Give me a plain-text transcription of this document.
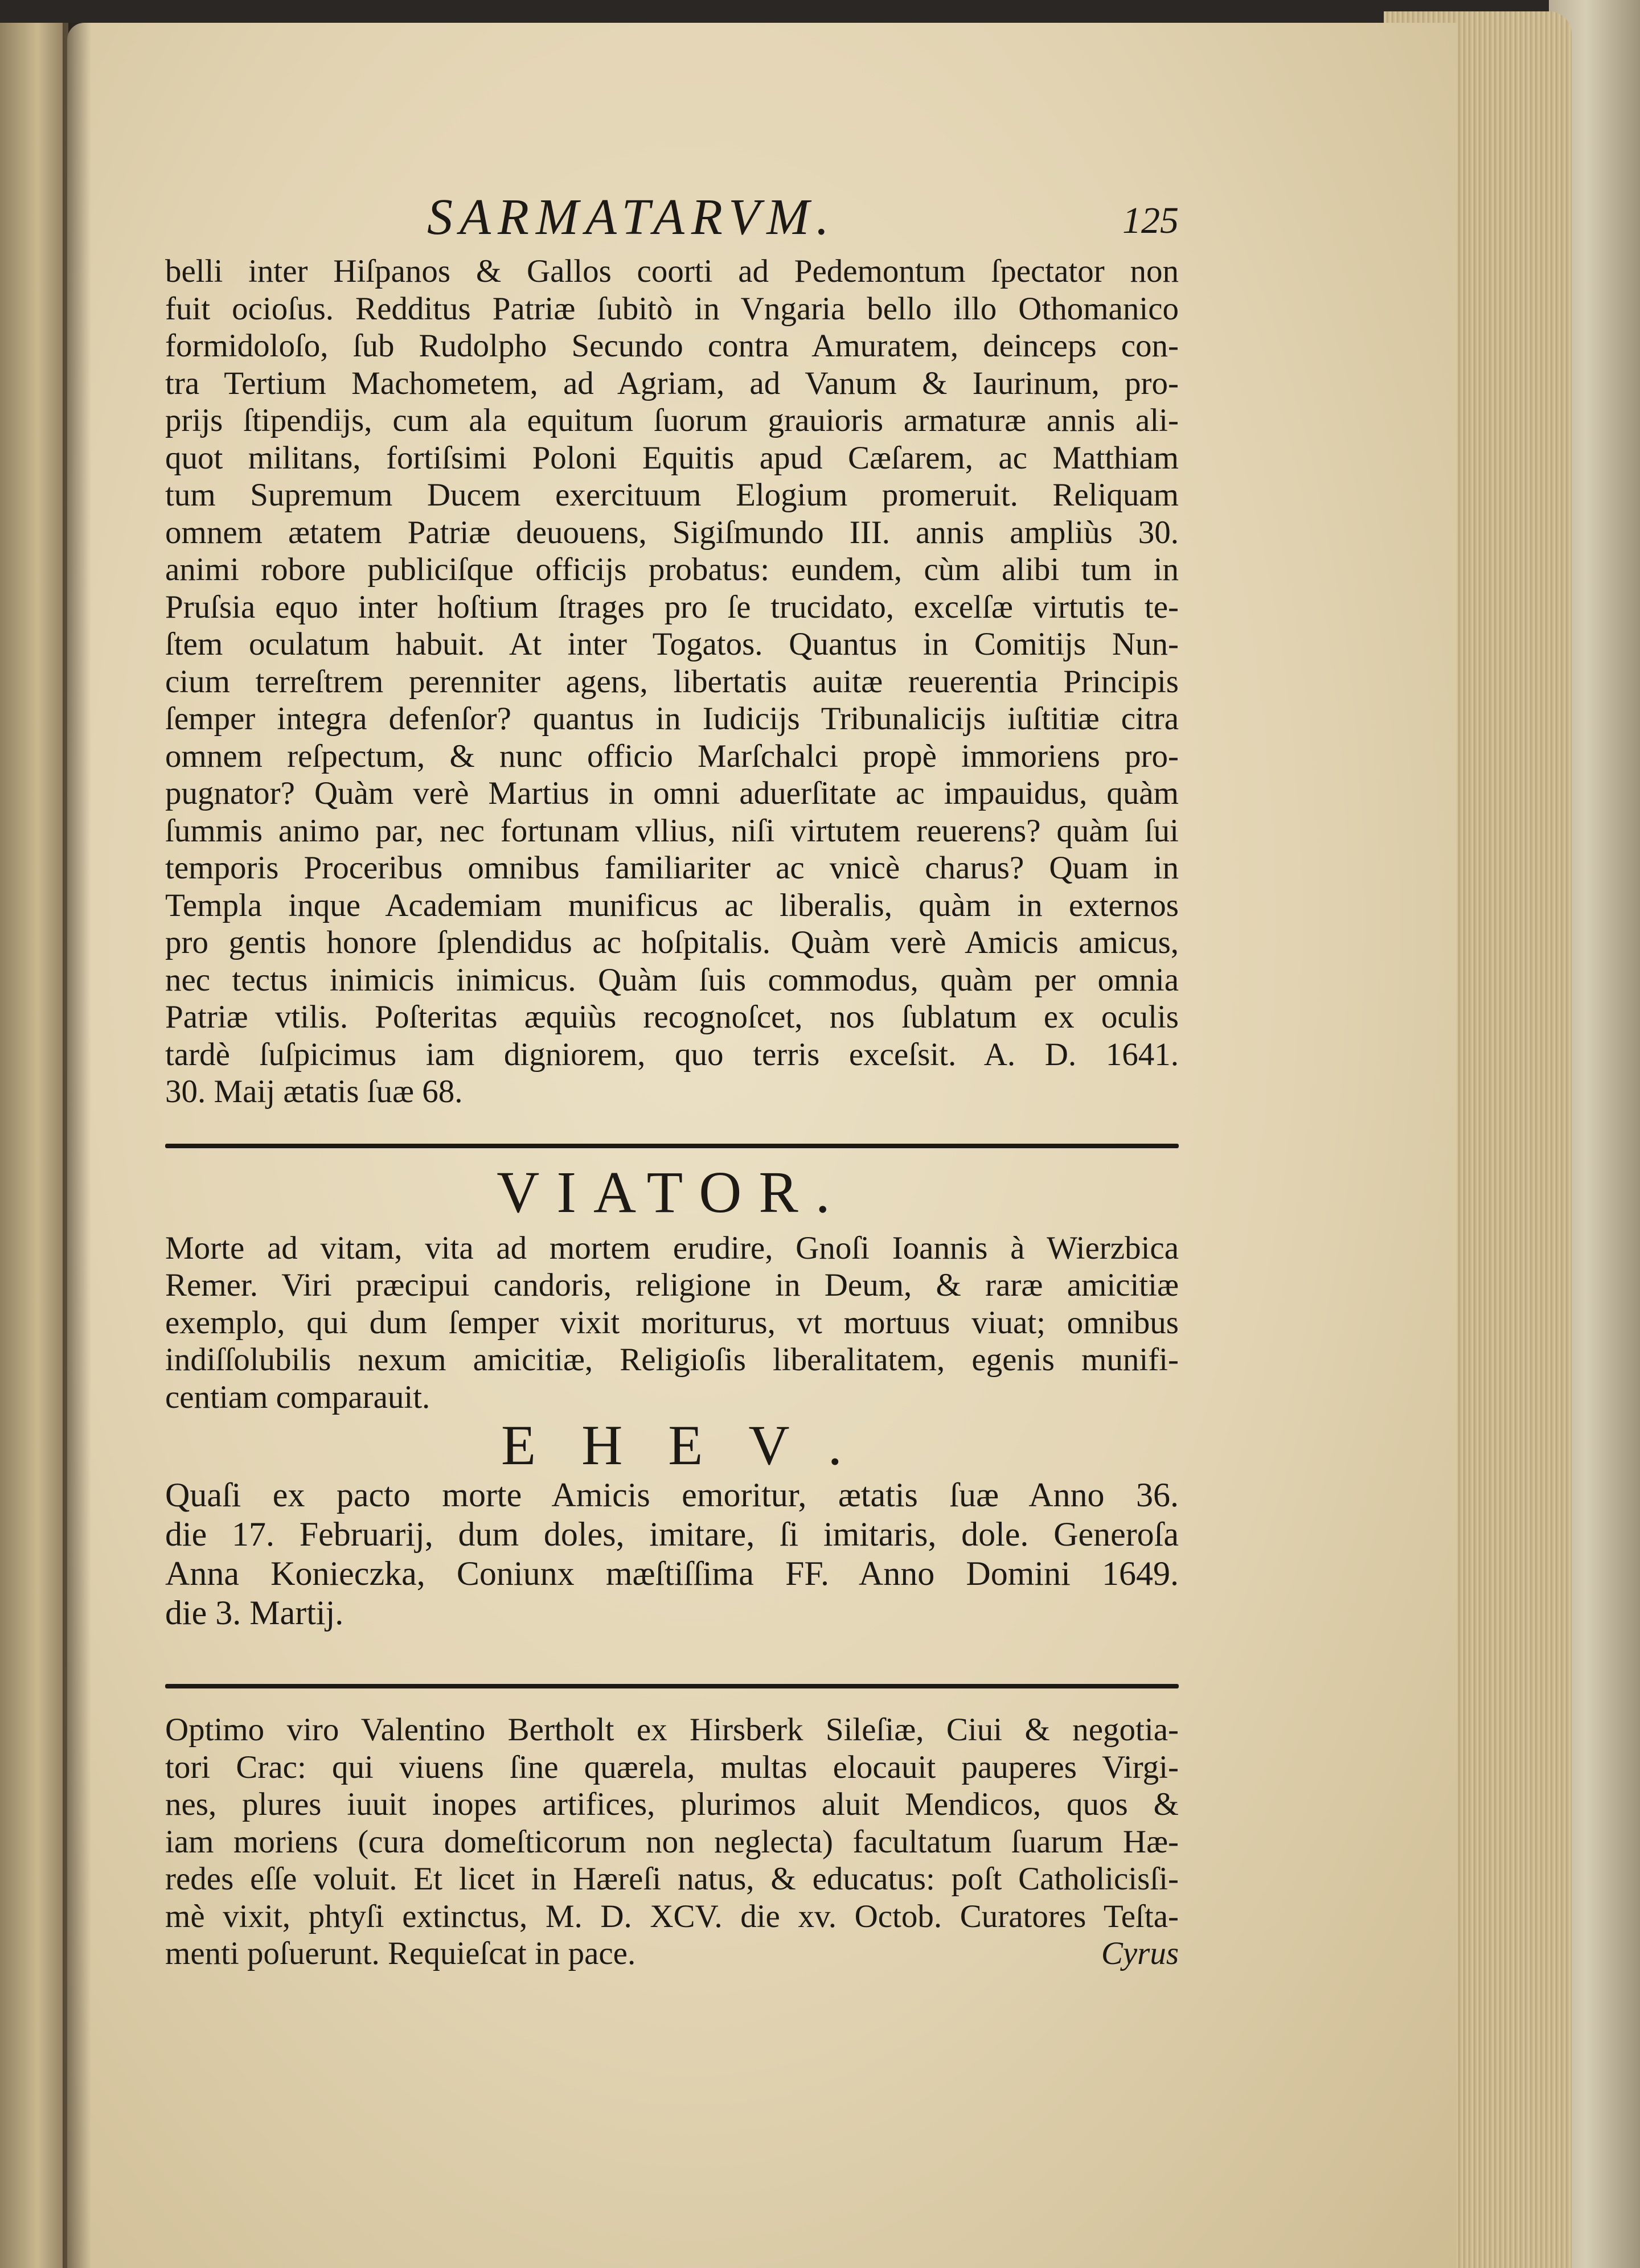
SARMATARVM.	125
belli inter Hiſpanos & Gallos coorti ad Pedemontum ſpectator non
fuit ocioſus. Redditus Patriæ ſubitò in Vngaria bello illo Othomanico
formidoloſo, ſub Rudolpho Secundo contra Amuratem, deinceps con-
tra Tertium Machometem, ad Agriam, ad Vanum & Iaurinum, pro-
prijs ſtipendijs, cum ala equitum ſuorum grauioris armaturæ annis ali-
quot militans, fortiſsimi Poloni Equitis apud Cæſarem, ac Matthiam
tum Supremum Ducem exercituum Elogium promeruit. Reliquam
omnem ætatem Patriæ deuouens, Sigiſmundo III. annis ampliùs 30.
animi robore publiciſque officijs probatus: eundem, cùm alibi tum in
Pruſsia equo inter hoſtium ſtrages pro ſe trucidato, excelſæ virtutis te-
ſtem oculatum habuit. At inter Togatos. Quantus in Comitijs Nun-
cium terreſtrem perenniter agens, libertatis auitæ reuerentia Principis
ſemper integra defenſor? quantus in Iudicijs Tribunalicijs iuſtitiæ citra
omnem reſpectum, & nunc officio Marſchalci propè immoriens pro-
pugnator? Quàm verè Martius in omni aduerſitate ac impauidus, quàm
ſummis animo par, nec fortunam vllius, niſi virtutem reuerens? quàm ſui
temporis Proceribus omnibus familiariter ac vnicè charus? Quam in
Templa inque Academiam munificus ac liberalis, quàm in externos
pro gentis honore ſplendidus ac hoſpitalis. Quàm verè Amicis amicus,
nec tectus inimicis inimicus. Quàm ſuis commodus, quàm per omnia
Patriæ vtilis. Poſteritas æquiùs recognoſcet, nos ſublatum ex oculis
tardè ſuſpicimus iam digniorem, quo terris exceſsit. A. D. 1641.
30. Maij ætatis ſuæ 68.
VIATOR.
Morte ad vitam, vita ad mortem erudire, Gnoſi Ioannis à Wierzbica
Remer. Viri præcipui candoris, religione in Deum, & raræ amicitiæ
exemplo, qui dum ſemper vixit moriturus, vt mortuus viuat; omnibus
indiſſolubilis nexum amicitiæ, Religioſis liberalitatem, egenis munifi-
centiam comparauit.
EHEV.
Quaſi ex pacto morte Amicis emoritur, ætatis ſuæ Anno 36.
die 17. Februarij, dum doles, imitare, ſi imitaris, dole. Generoſa
Anna Konieczka, Coniunx mæſtiſſima FF. Anno Domini 1649.
die 3. Martij.
Optimo viro Valentino Bertholt ex Hirsberk Sileſiæ, Ciui & negotia-
tori Crac: qui viuens ſine quærela, multas elocauit pauperes Virgi-
nes, plures iuuit inopes artifices, plurimos aluit Mendicos, quos &
iam moriens (cura domeſticorum non neglecta) facultatum ſuarum Hæ-
redes eſſe voluit. Et licet in Hæreſi natus, & educatus: poſt Catholicisſi-
mè vixit, phtyſi extinctus, M. D. XCV. die xv. Octob. Curatores Teſta-
menti poſuerunt. Requieſcat in pace.	Cyrus
